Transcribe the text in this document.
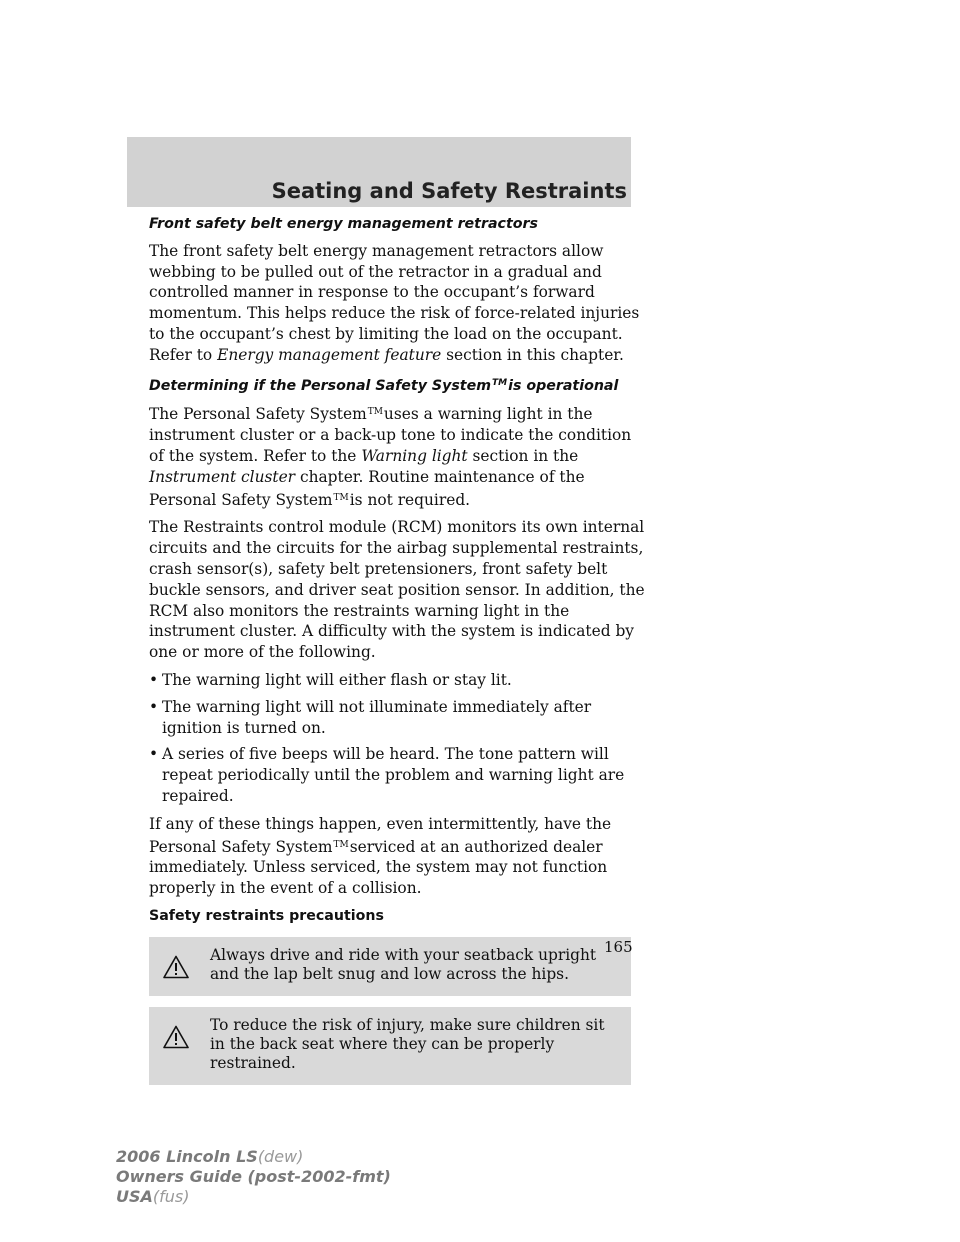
Seating and Safety Restraints
Front safety belt energy management retractors

The front safety belt energy management retractors allow webbing to be pulled out of the retractor in a gradual and controlled manner in response to the occupant’s forward momentum. This helps reduce the risk of force-related injuries to the occupant’s chest by limiting the load on the occupant. Refer to Energy management feature section in this chapter.

Determining if the Personal Safety System™is operational

The Personal Safety System™uses a warning light in the instrument cluster or a back-up tone to indicate the condition of the system. Refer to the Warning light section in the Instrument cluster chapter. Routine maintenance of the Personal Safety System™is not required.

The Restraints control module (RCM) monitors its own internal circuits and the circuits for the airbag supplemental restraints, crash sensor(s), safety belt pretensioners, front safety belt buckle sensors, and driver seat position sensor. In addition, the RCM also monitors the restraints warning light in the instrument cluster. A difficulty with the system is indicated by one or more of the following.

• The warning light will either flash or stay lit.
• The warning light will not illuminate immediately after ignition is turned on.
• A series of five beeps will be heard. The tone pattern will repeat periodically until the problem and warning light are repaired.

If any of these things happen, even intermittently, have the Personal Safety System™serviced at an authorized dealer immediately. Unless serviced, the system may not function properly in the event of a collision.

Safety restraints precautions
Always drive and ride with your seatback upright and the lap belt snug and low across the hips.
To reduce the risk of injury, make sure children sit in the back seat where they can be properly restrained.
165
2006 Lincoln LS(dew)
Owners Guide (post-2002-fmt)
USA(fus)
